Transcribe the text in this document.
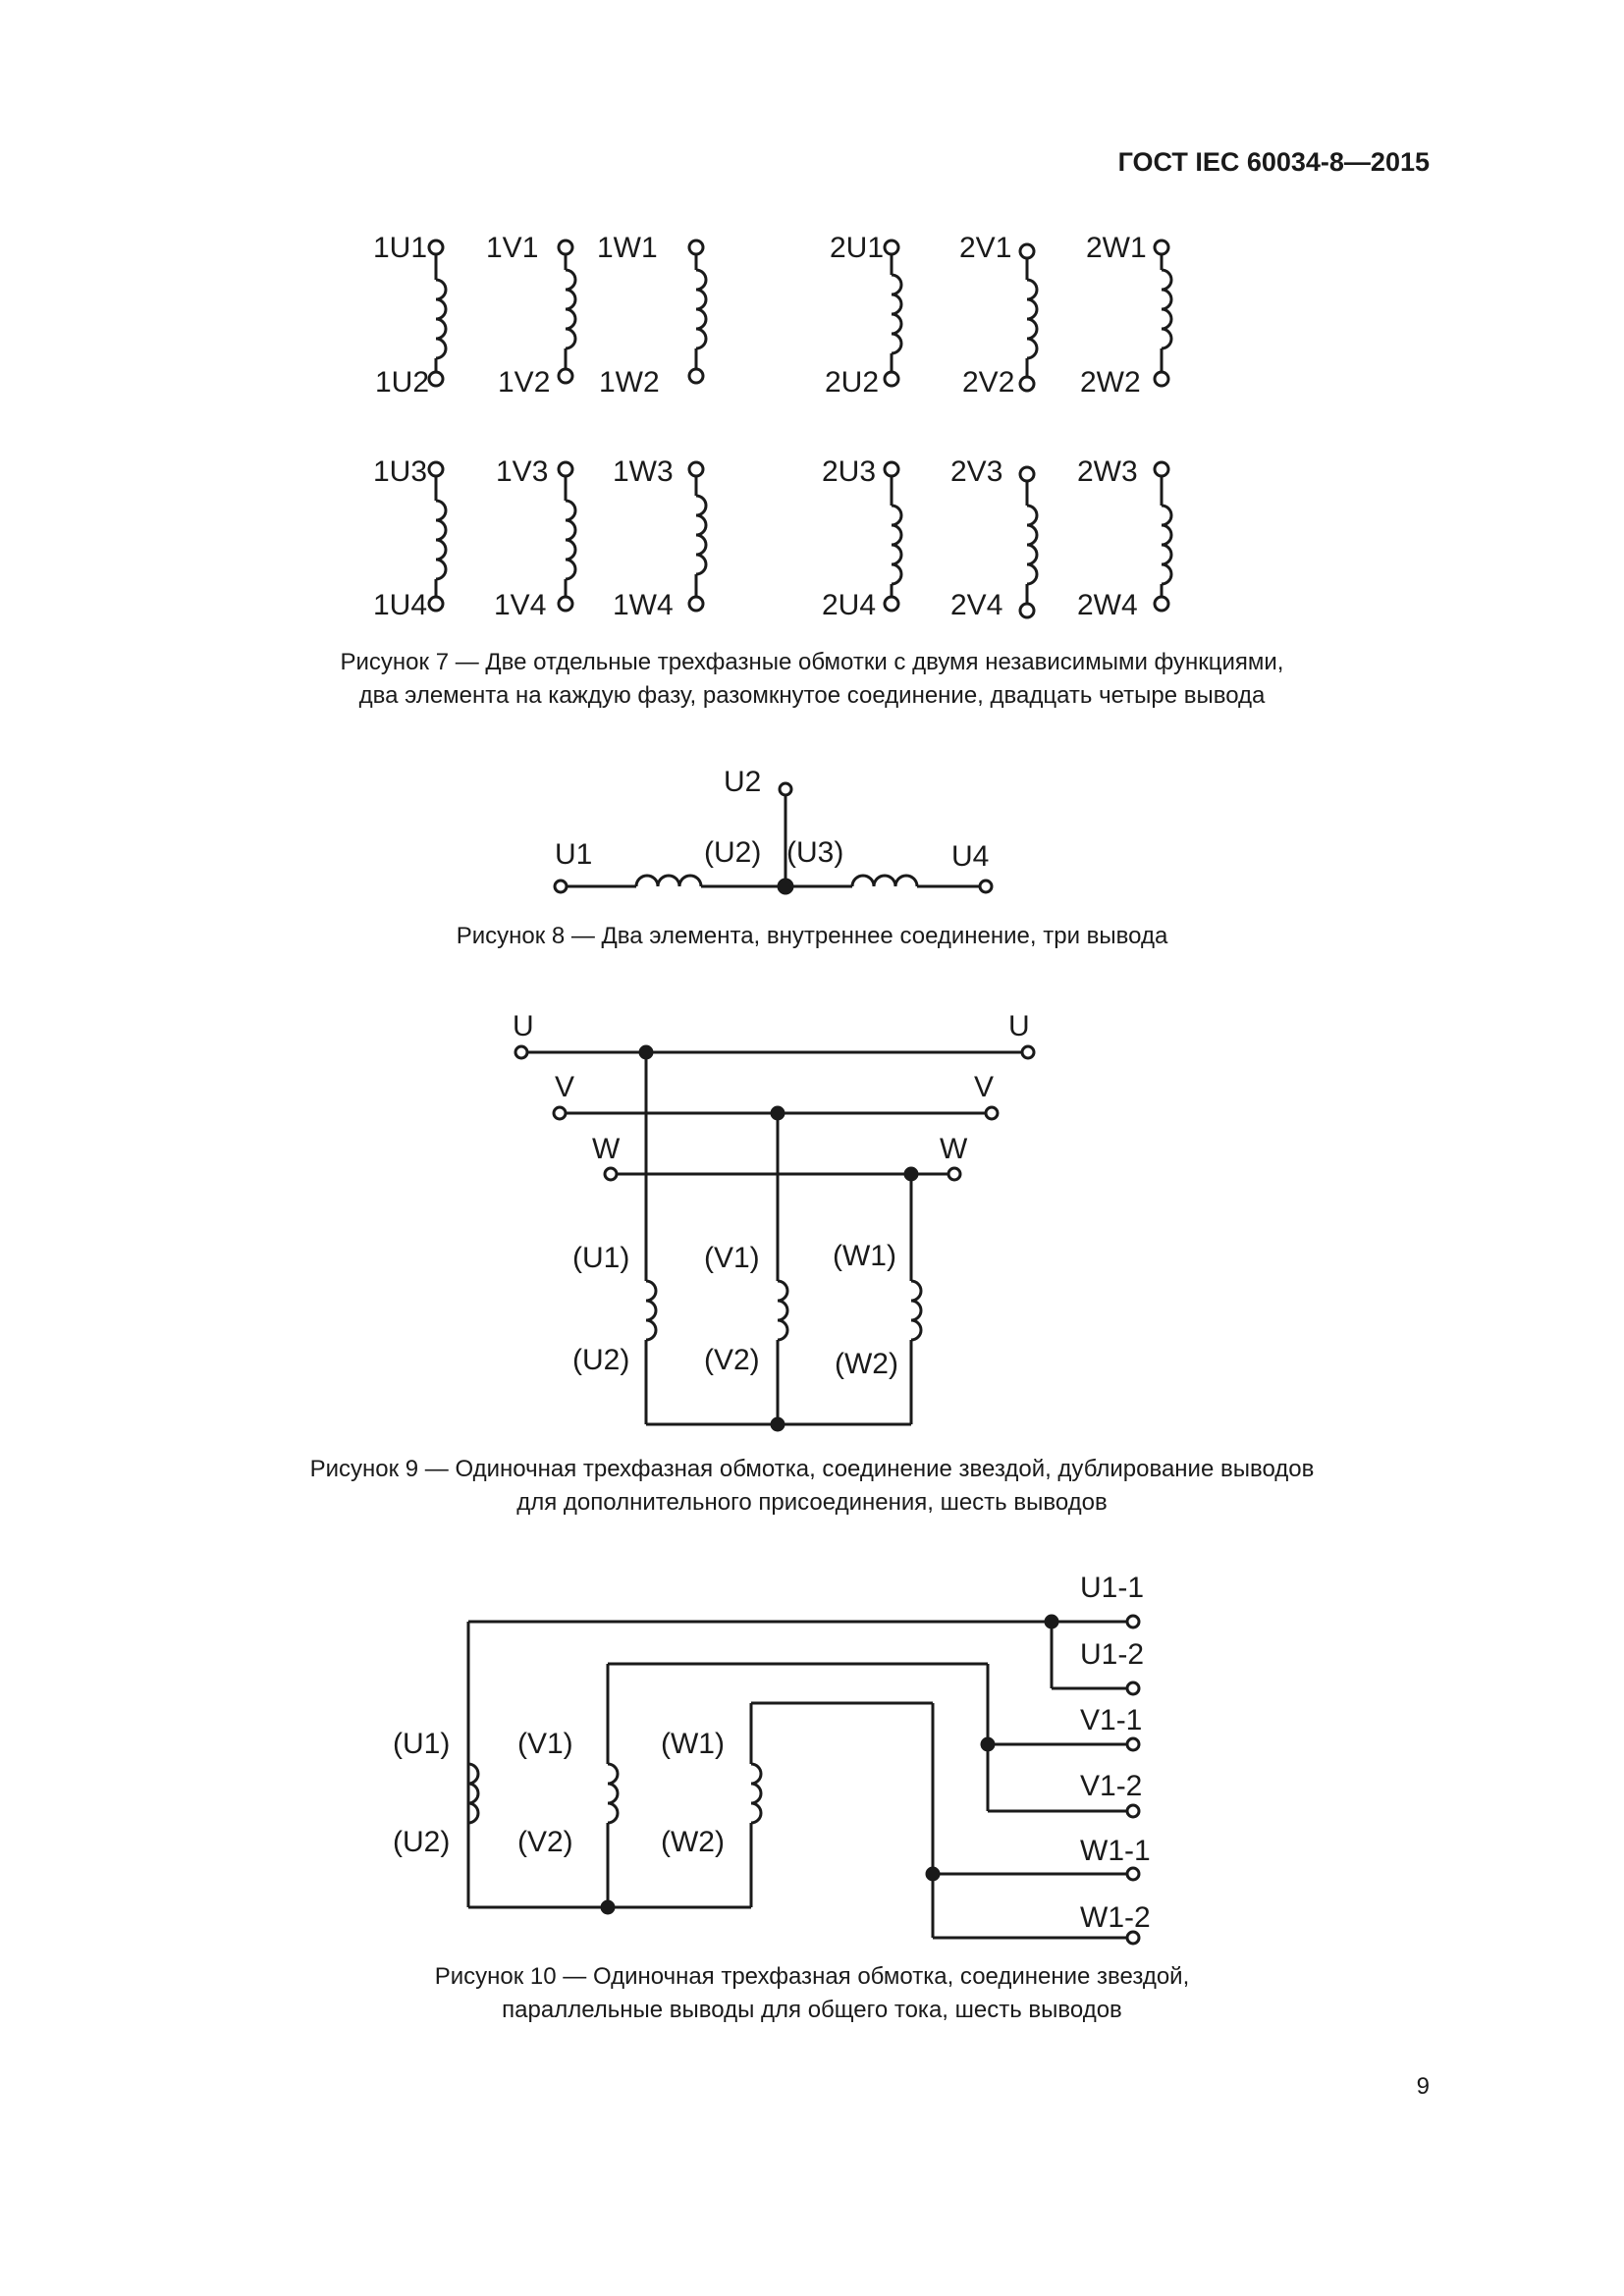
ГОСТ IEC 60034-8—2015
1U1
1U2
1V1
1V2
1W1
1W2
2U1
2U2
2V1
2V2
2W1
2W2
1U3
1U4
1V3
1V4
1W3
1W4
2U3
2U4
2V3
2V4
2W3
2W4
Рисунок 7 — Две отдельные трехфазные обмотки с двумя независимыми функциями,
два элемента на каждую фазу, разомкнутое соединение, двадцать четыре вывода
U1	(U2)
U2
(U3)	U4
Рисунок 8 — Два элемента, внутреннее соединение, три вывода
U	U
V	V
W	W
(U1)
(U2)
(V1)
(V2)
(W1)
(W2)
Рисунок 9 — Одиночная трехфазная обмотка, соединение звездой, дублирование выводов
для дополнительного присоединения, шесть выводов
U1-1
U1-2
V1-1
V1-2
W1-1
W1-2
(U1)
(U2)
(V1)
(V2)
(W1)
(W2)
Рисунок 10 — Одиночная трехфазная обмотка, соединение звездой,
параллельные выводы для общего тока, шесть выводов
9
